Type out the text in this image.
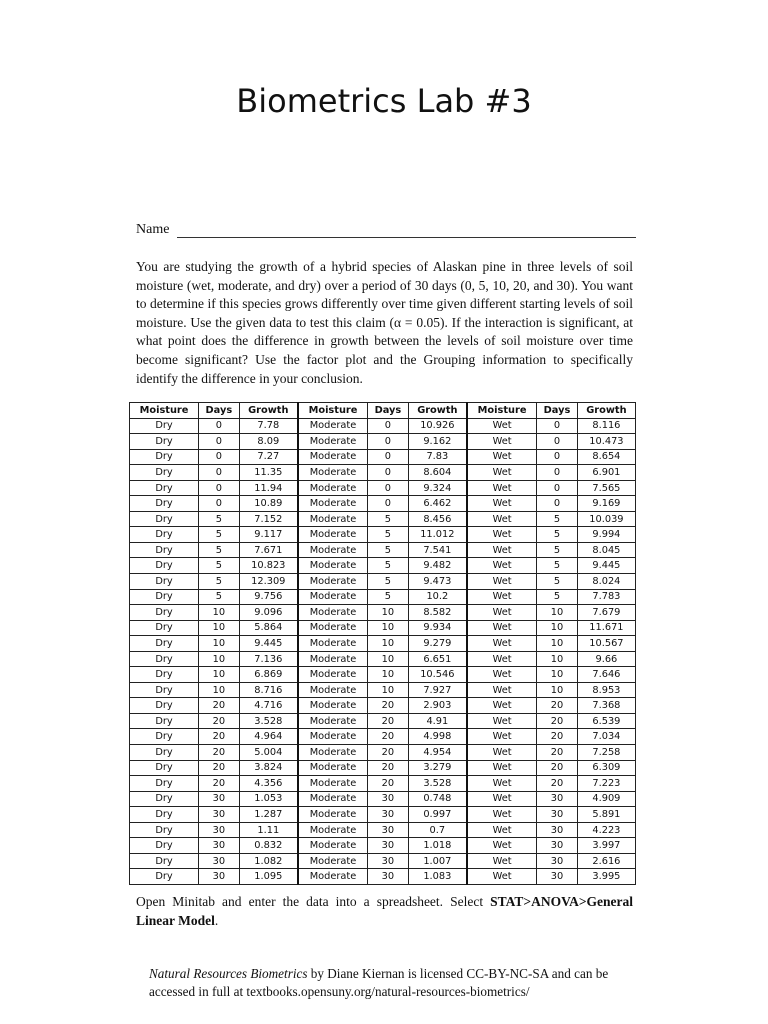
Biometrics Lab #3
Name

You are studying the growth of a hybrid species of Alaskan pine in three levels of soil moisture (wet, moderate, and dry) over a period of 30 days (0, 5, 10, 20, and 30). You want to determine if this species grows differently over time given different starting levels of soil moisture. Use the given data to test this claim (α = 0.05). If the interaction is significant, at what point does the difference in growth between the levels of soil moisture over time become significant? Use the factor plot and the Grouping information to specifically identify the difference in your conclusion.

Moisture	Days	Growth	Moisture	Days	Growth	Moisture	Days	Growth
Dry	0	7.78	Moderate	0	10.926	Wet	0	8.116
Dry	0	8.09	Moderate	0	9.162	Wet	0	10.473
Dry	0	7.27	Moderate	0	7.83	Wet	0	8.654
Dry	0	11.35	Moderate	0	8.604	Wet	0	6.901
Dry	0	11.94	Moderate	0	9.324	Wet	0	7.565
Dry	0	10.89	Moderate	0	6.462	Wet	0	9.169
Dry	5	7.152	Moderate	5	8.456	Wet	5	10.039
Dry	5	9.117	Moderate	5	11.012	Wet	5	9.994
Dry	5	7.671	Moderate	5	7.541	Wet	5	8.045
Dry	5	10.823	Moderate	5	9.482	Wet	5	9.445
Dry	5	12.309	Moderate	5	9.473	Wet	5	8.024
Dry	5	9.756	Moderate	5	10.2	Wet	5	7.783
Dry	10	9.096	Moderate	10	8.582	Wet	10	7.679
Dry	10	5.864	Moderate	10	9.934	Wet	10	11.671
Dry	10	9.445	Moderate	10	9.279	Wet	10	10.567
Dry	10	7.136	Moderate	10	6.651	Wet	10	9.66
Dry	10	6.869	Moderate	10	10.546	Wet	10	7.646
Dry	10	8.716	Moderate	10	7.927	Wet	10	8.953
Dry	20	4.716	Moderate	20	2.903	Wet	20	7.368
Dry	20	3.528	Moderate	20	4.91	Wet	20	6.539
Dry	20	4.964	Moderate	20	4.998	Wet	20	7.034
Dry	20	5.004	Moderate	20	4.954	Wet	20	7.258
Dry	20	3.824	Moderate	20	3.279	Wet	20	6.309
Dry	20	4.356	Moderate	20	3.528	Wet	20	7.223
Dry	30	1.053	Moderate	30	0.748	Wet	30	4.909
Dry	30	1.287	Moderate	30	0.997	Wet	30	5.891
Dry	30	1.11	Moderate	30	0.7	Wet	30	4.223
Dry	30	0.832	Moderate	30	1.018	Wet	30	3.997
Dry	30	1.082	Moderate	30	1.007	Wet	30	2.616
Dry	30	1.095	Moderate	30	1.083	Wet	30	3.995

Open Minitab and enter the data into a spreadsheet. Select STAT>ANOVA>General Linear Model.

Natural Resources Biometrics by Diane Kiernan is licensed CC-BY-NC-SA and can be accessed in full at textbooks.opensuny.org/natural-resources-biometrics/
